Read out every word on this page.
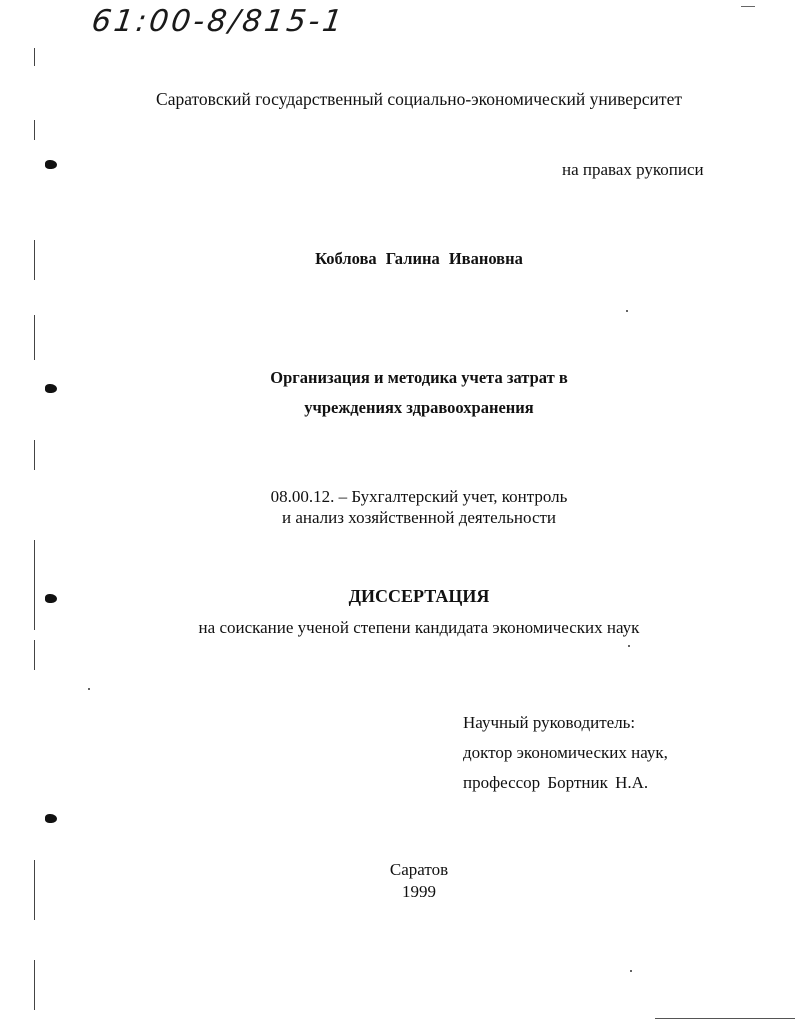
61:00-8/815-1
Саратовский государственный социально-экономический университет
на правах рукописи
Коблова Галина Ивановна
Организация и методика учета затрат в
учреждениях здравоохранения
08.00.12. – Бухгалтерский учет, контроль
и анализ хозяйственной деятельности
ДИССЕРТАЦИЯ
на соискание ученой степени кандидата экономических наук
Научный руководитель:
доктор экономических наук,
профессор Бортник Н.А.
Саратов
1999
